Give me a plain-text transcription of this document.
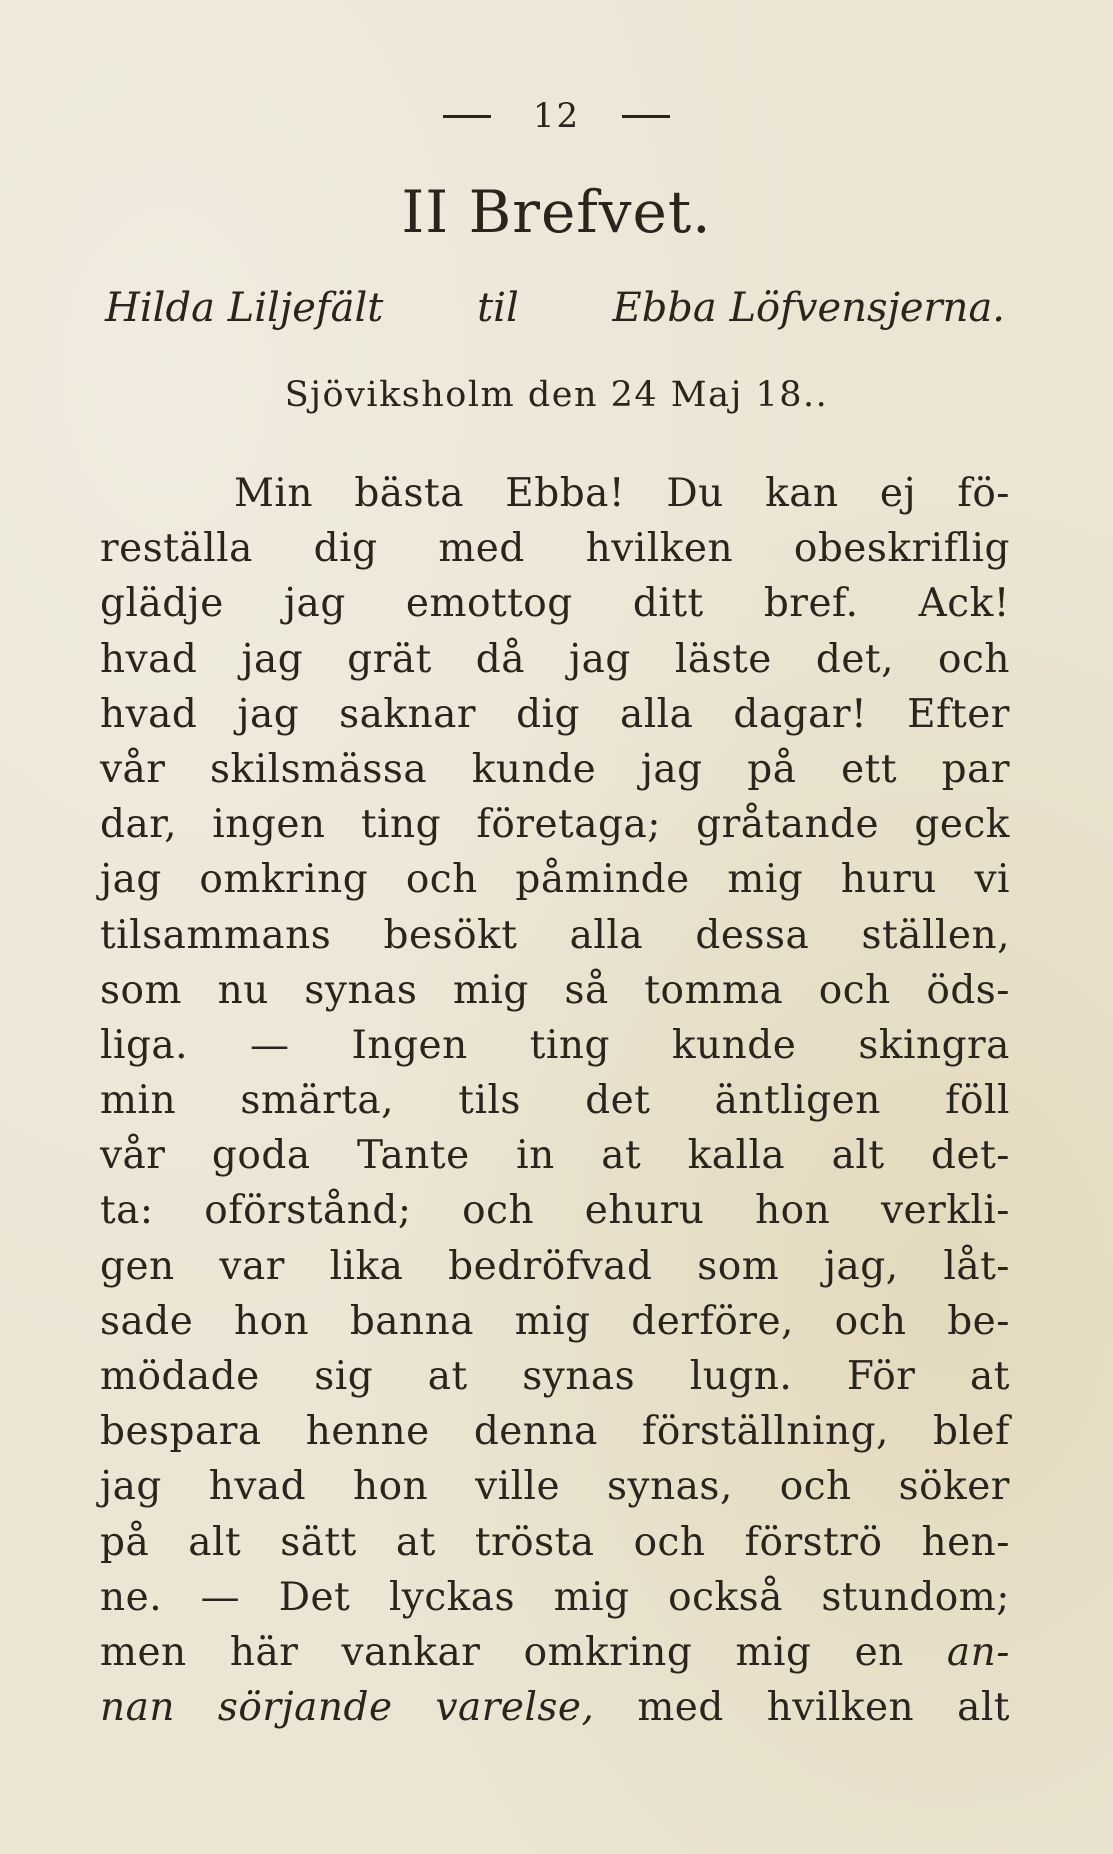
12
II Brefvet.
Hilda Liljefält til Ebba Löfvensjerna.
Sjöviksholm den 24 Maj 18..
Min bästa Ebba! Du kan ej fö-
reställa dig med hvilken obeskriflig
glädje jag emottog ditt bref. Ack!
hvad jag grät då jag läste det, och
hvad jag saknar dig alla dagar! Efter
vår skilsmässa kunde jag på ett par
dar, ingen ting företaga; gråtande geck
jag omkring och påminde mig huru vi
tilsammans besökt alla dessa ställen,
som nu synas mig så tomma och öds-
liga. — Ingen ting kunde skingra
min smärta, tils det äntligen föll
vår goda Tante in at kalla alt det-
ta: oförstånd; och ehuru hon verkli-
gen var lika bedröfvad som jag, låt-
sade hon banna mig derföre, och be-
mödade sig at synas lugn. För at
bespara henne denna förställning, blef
jag hvad hon ville synas, och söker
på alt sätt at trösta och förströ hen-
ne. — Det lyckas mig också stundom;
men här vankar omkring mig en an-
nan sörjande varelse, med hvilken alt
